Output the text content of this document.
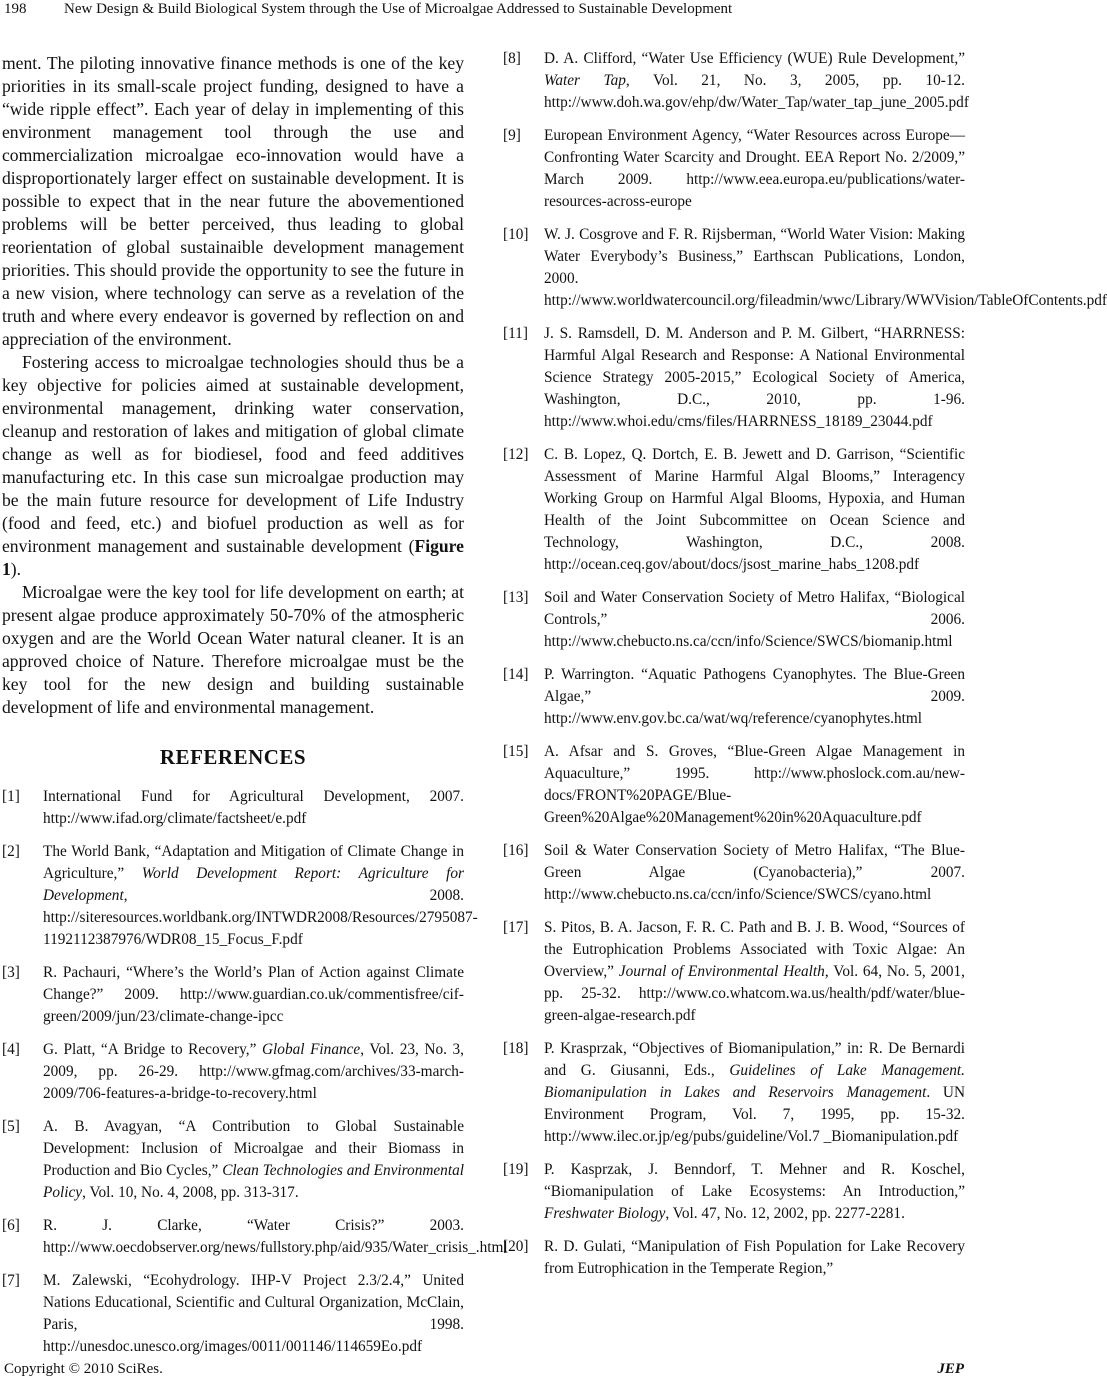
198	New Design & Build Biological System through the Use of Microalgae Addressed to Sustainable Development

ment. The piloting innovative finance methods is one of the key priorities in its small-scale project funding, designed to have a “wide ripple effect”. Each year of delay in implementing of this environment management tool through the use and commercialization microalgae eco-innovation would have a disproportionately larger effect on sustainable development. It is possible to expect that in the near future the abovementioned problems will be better perceived, thus leading to global reorientation of global sustainaible development management priorities. This should provide the opportunity to see the future in a new vision, where technology can serve as a revelation of the truth and where every endeavor is governed by reflection on and appreciation of the environment.

Fostering access to microalgae technologies should thus be a key objective for policies aimed at sustainable development, environmental management, drinking water conservation, cleanup and restoration of lakes and mitigation of global climate change as well as for biodiesel, food and feed additives manufacturing etc. In this case sun microalgae production may be the main future resource for development of Life Industry (food and feed, etc.) and biofuel production as well as for environment management and sustainable development (Figure 1).

Microalgae were the key tool for life development on earth; at present algae produce approximately 50-70% of the atmospheric oxygen and are the World Ocean Water natural cleaner. It is an approved choice of Nature. Therefore microalgae must be the key tool for the new design and building sustainable development of life and environmental management.

REFERENCES
[1] International Fund for Agricultural Development, 2007. http://www.ifad.org/climate/factsheet/e.pdf
[2] The World Bank, “Adaptation and Mitigation of Climate Change in Agriculture,” World Development Report: Agriculture for Development, 2008. http://siteresources.worldbank.org/INTWDR2008/Resources/2795087-1192112387976/WDR08_15_Focus_F.pdf
[3] R. Pachauri, “Where’s the World’s Plan of Action against Climate Change?” 2009. http://www.guardian.co.uk/commentisfree/cif-green/2009/jun/23/climate-change-ipcc
[4] G. Platt, “A Bridge to Recovery,” Global Finance, Vol. 23, No. 3, 2009, pp. 26-29. http://www.gfmag.com/archives/33-march-2009/706-features-a-bridge-to-recovery.html
[5] A. B. Avagyan, “A Contribution to Global Sustainable Development: Inclusion of Microalgae and their Biomass in Production and Bio Cycles,” Clean Technologies and Environmental Policy, Vol. 10, No. 4, 2008, pp. 313-317.
[6] R. J. Clarke, “Water Crisis?” 2003. http://www.oecdobserver.org/news/fullstory.php/aid/935/Water_crisis_.html
[7] M. Zalewski, “Ecohydrology. IHP-V Project 2.3/2.4,” United Nations Educational, Scientific and Cultural Organization, McClain, Paris, 1998. http://unesdoc.unesco.org/images/0011/001146/114659Eo.pdf
[8] D. A. Clifford, “Water Use Efficiency (WUE) Rule Development,” Water Tap, Vol. 21, No. 3, 2005, pp. 10-12. http://www.doh.wa.gov/ehp/dw/Water_Tap/water_tap_june_2005.pdf
[9] European Environment Agency, “Water Resources across Europe—Confronting Water Scarcity and Drought. EEA Report No. 2/2009,” March 2009. http://www.eea.europa.eu/publications/water-resources-across-europe
[10] W. J. Cosgrove and F. R. Rijsberman, “World Water Vision: Making Water Everybody’s Business,” Earthscan Publications, London, 2000. http://www.worldwatercouncil.org/fileadmin/wwc/Library/WWVision/TableOfContents.pdf
[11] J. S. Ramsdell, D. M. Anderson and P. M. Gilbert, “HARRNESS: Harmful Algal Research and Response: A National Environmental Science Strategy 2005-2015,” Ecological Society of America, Washington, D.C., 2010, pp. 1-96. http://www.whoi.edu/cms/files/HARRNESS_18189_23044.pdf
[12] C. B. Lopez, Q. Dortch, E. B. Jewett and D. Garrison, “Scientific Assessment of Marine Harmful Algal Blooms,” Interagency Working Group on Harmful Algal Blooms, Hypoxia, and Human Health of the Joint Subcommittee on Ocean Science and Technology, Washington, D.C., 2008. http://ocean.ceq.gov/about/docs/jsost_marine_habs_1208.pdf
[13] Soil and Water Conservation Society of Metro Halifax, “Biological Controls,” 2006. http://www.chebucto.ns.ca/ccn/info/Science/SWCS/biomanip.html
[14] P. Warrington. “Aquatic Pathogens Cyanophytes. The Blue-Green Algae,” 2009. http://www.env.gov.bc.ca/wat/wq/reference/cyanophytes.html
[15] A. Afsar and S. Groves, “Blue-Green Algae Management in Aquaculture,” 1995. http://www.phoslock.com.au/new-docs/FRONT%20PAGE/Blue-Green%20Algae%20Management%20in%20Aquaculture.pdf
[16] Soil & Water Conservation Society of Metro Halifax, “The Blue-Green Algae (Cyanobacteria),” 2007. http://www.chebucto.ns.ca/ccn/info/Science/SWCS/cyano.html
[17] S. Pitos, B. A. Jacson, F. R. C. Path and B. J. B. Wood, “Sources of the Eutrophication Problems Associated with Toxic Algae: An Overview,” Journal of Environmental Health, Vol. 64, No. 5, 2001, pp. 25-32. http://www.co.whatcom.wa.us/health/pdf/water/blue-green-algae-research.pdf
[18] P. Krasprzak, “Objectives of Biomanipulation,” in: R. De Bernardi and G. Giusanni, Eds., Guidelines of Lake Management. Biomanipulation in Lakes and Reservoirs Management. UN Environment Program, Vol. 7, 1995, pp. 15-32. http://www.ilec.or.jp/eg/pubs/guideline/Vol.7 _Biomanipulation.pdf
[19] P. Kasprzak, J. Benndorf, T. Mehner and R. Koschel, “Biomanipulation of Lake Ecosystems: An Introduction,” Freshwater Biology, Vol. 47, No. 12, 2002, pp. 2277-2281.
[20] R. D. Gulati, “Manipulation of Fish Population for Lake Recovery from Eutrophication in the Temperate Region,”
Copyright © 2010 SciRes.	JEP
